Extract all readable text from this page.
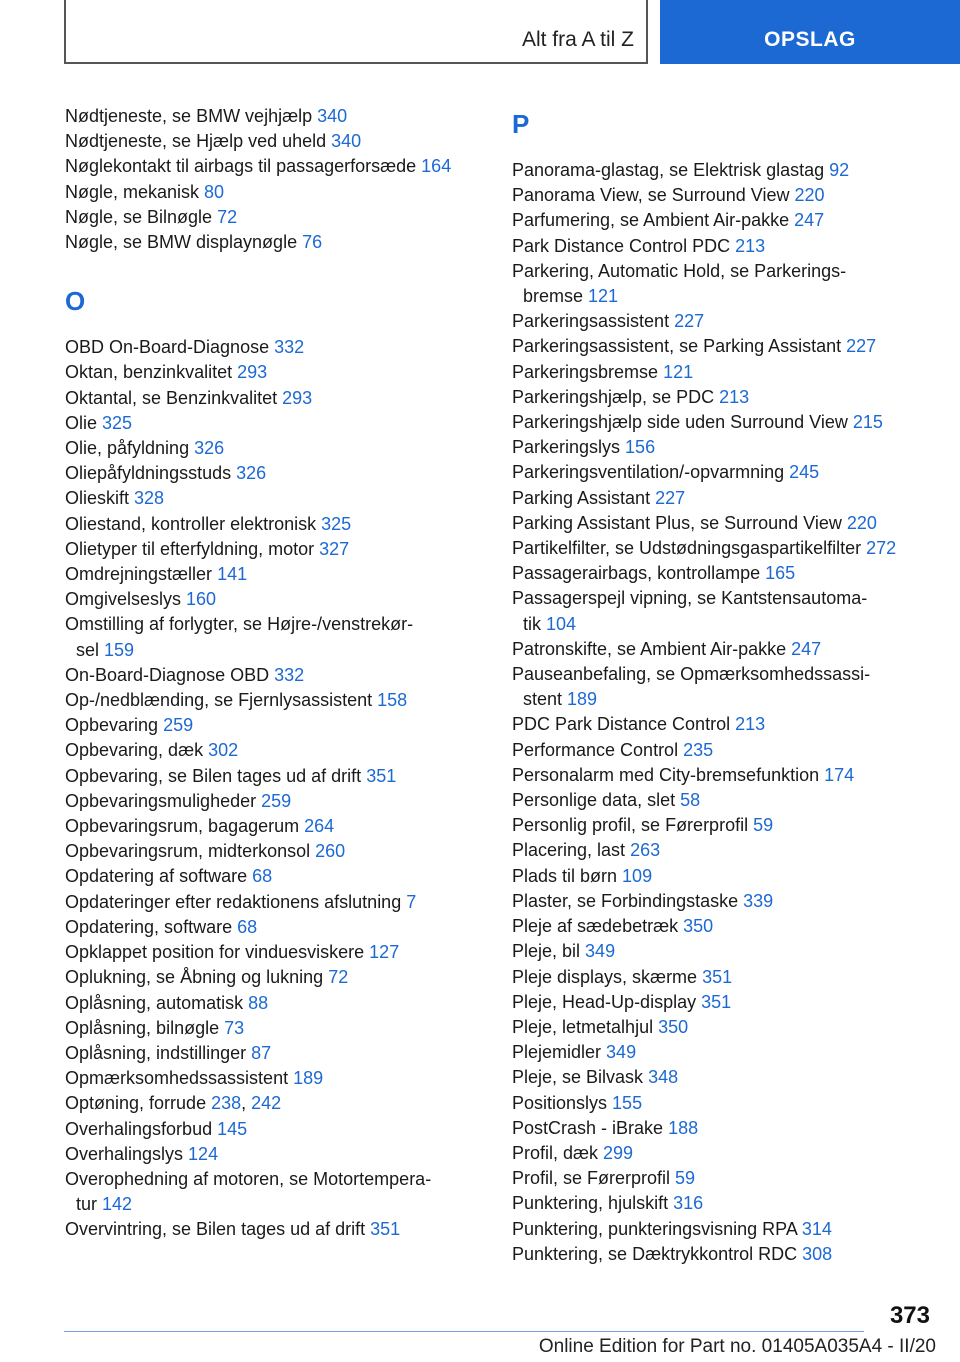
Alt fra A til Z	OPSLAG
Nødtjeneste, se BMW vejhjælp 340
Nødtjeneste, se Hjælp ved uheld 340
Nøglekontakt til airbags til passagerforsæde 164
Nøgle, mekanisk 80
Nøgle, se Bilnøgle 72
Nøgle, se BMW displaynøgle 76
O
OBD On-Board-Diagnose 332
Oktan, benzinkvalitet 293
Oktantal, se Benzinkvalitet 293
Olie 325
Olie, påfyldning 326
Oliepåfyldningsstuds 326
Olieskift 328
Oliestand, kontroller elektronisk 325
Olietyper til efterfyldning, motor 327
Omdrejningstæller 141
Omgivelseslys 160
Omstilling af forlygter, se Højre-/venstrekør-
sel 159
On-Board-Diagnose OBD 332
Op-/nedblænding, se Fjernlysassistent 158
Opbevaring 259
Opbevaring, dæk 302
Opbevaring, se Bilen tages ud af drift 351
Opbevaringsmuligheder 259
Opbevaringsrum, bagagerum 264
Opbevaringsrum, midterkonsol 260
Opdatering af software 68
Opdateringer efter redaktionens afslutning 7
Opdatering, software 68
Opklappet position for vinduesviskere 127
Oplukning, se Åbning og lukning 72
Oplåsning, automatisk 88
Oplåsning, bilnøgle 73
Oplåsning, indstillinger 87
Opmærksomhedssassistent 189
Optøning, forrude 238, 242
Overhalingsforbud 145
Overhalingslys 124
Overophedning af motoren, se Motortempera-
tur 142
Overvintring, se Bilen tages ud af drift 351
P
Panorama-glastag, se Elektrisk glastag 92
Panorama View, se Surround View 220
Parfumering, se Ambient Air-pakke 247
Park Distance Control PDC 213
Parkering, Automatic Hold, se Parkerings-
bremse 121
Parkeringsassistent 227
Parkeringsassistent, se Parking Assistant 227
Parkeringsbremse 121
Parkeringshjælp, se PDC 213
Parkeringshjælp side uden Surround View 215
Parkeringslys 156
Parkeringsventilation/-opvarmning 245
Parking Assistant 227
Parking Assistant Plus, se Surround View 220
Partikelfilter, se Udstødningsgaspartikelfilter 272
Passagerairbags, kontrollampe 165
Passagerspejl vipning, se Kantstensautoma-
tik 104
Patronskifte, se Ambient Air-pakke 247
Pauseanbefaling, se Opmærksomhedssassi-
stent 189
PDC Park Distance Control 213
Performance Control 235
Personalarm med City-bremsefunktion 174
Personlige data, slet 58
Personlig profil, se Førerprofil 59
Placering, last 263
Plads til børn 109
Plaster, se Forbindingstaske 339
Pleje af sædebetræk 350
Pleje, bil 349
Pleje displays, skærme 351
Pleje, Head-Up-display 351
Pleje, letmetalhjul 350
Plejemidler 349
Pleje, se Bilvask 348
Positionslys 155
PostCrash - iBrake 188
Profil, dæk 299
Profil, se Førerprofil 59
Punktering, hjulskift 316
Punktering, punkteringsvisning RPA 314
Punktering, se Dæktrykkontrol RDC 308
373
Online Edition for Part no. 01405A035A4 - II/20
